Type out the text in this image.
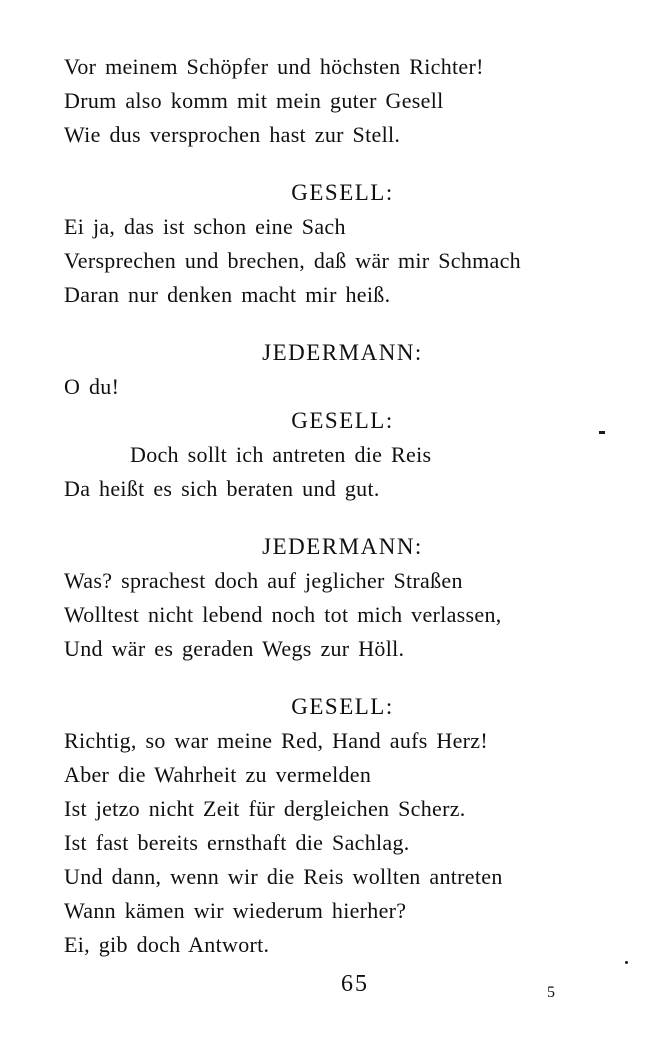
Vor meinem Schöpfer und höchsten Richter!
Drum also komm mit mein guter Gesell
Wie dus versprochen hast zur Stell.
GESELL:
Ei ja, das ist schon eine Sach
Versprechen und brechen, daß wär mir Schmach
Daran nur denken macht mir heiß.
JEDERMANN:
O du!
GESELL:
Doch sollt ich antreten die Reis
Da heißt es sich beraten und gut.
JEDERMANN:
Was? sprachest doch auf jeglicher Straßen
Wolltest nicht lebend noch tot mich verlassen,
Und wär es geraden Wegs zur Höll.
GESELL:
Richtig, so war meine Red, Hand aufs Herz!
Aber die Wahrheit zu vermelden
Ist jetzo nicht Zeit für dergleichen Scherz.
Ist fast bereits ernsthaft die Sachlag.
Und dann, wenn wir die Reis wollten antreten
Wann kämen wir wiederum hierher?
Ei, gib doch Antwort.
65	5
